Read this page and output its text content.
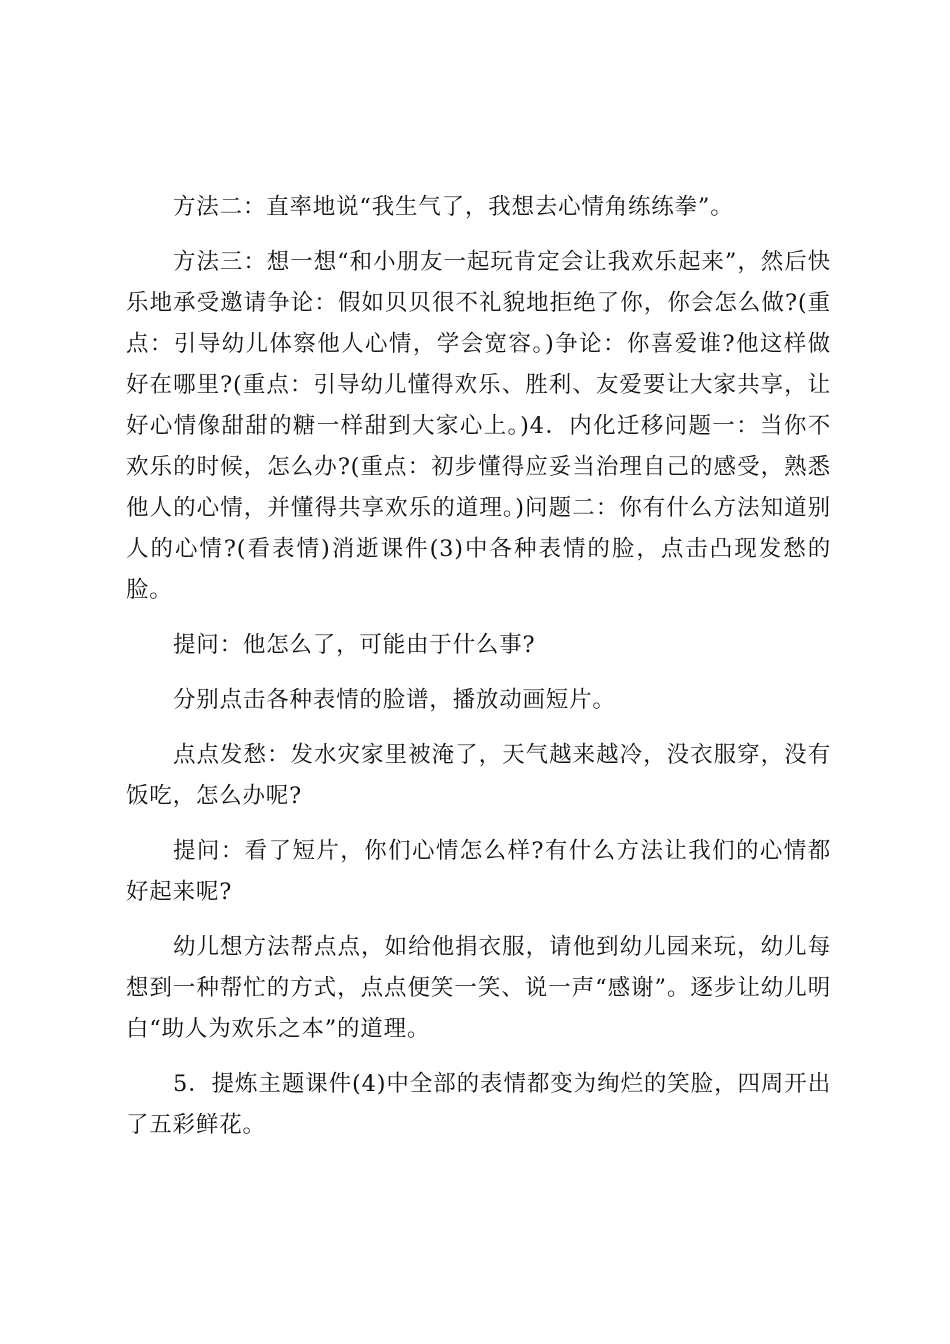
方法二：直率地说“我生气了，我想去心情角练练拳”。

方法三：想一想“和小朋友一起玩肯定会让我欢乐起来”，然后快乐地承受邀请争论：假如贝贝很不礼貌地拒绝了你，你会怎么做?(重点：引导幼儿体察他人心情，学会宽容。)争论：你喜爱谁?他这样做好在哪里?(重点：引导幼儿懂得欢乐、胜利、友爱要让大家共享，让好心情像甜甜的糖一样甜到大家心上。)4．内化迁移问题一：当你不欢乐的时候，怎么办?(重点：初步懂得应妥当治理自己的感受，熟悉他人的心情，并懂得共享欢乐的道理。)问题二：你有什么方法知道别人的心情?(看表情)消逝课件(3)中各种表情的脸，点击凸现发愁的脸。

提问：他怎么了，可能由于什么事?

分别点击各种表情的脸谱，播放动画短片。

点点发愁：发水灾家里被淹了，天气越来越冷，没衣服穿，没有饭吃，怎么办呢?

提问：看了短片，你们心情怎么样?有什么方法让我们的心情都好起来呢?

幼儿想方法帮点点，如给他捐衣服，请他到幼儿园来玩，幼儿每想到一种帮忙的方式，点点便笑一笑、说一声“感谢”。逐步让幼儿明白“助人为欢乐之本”的道理。

5．提炼主题课件(4)中全部的表情都变为绚烂的笑脸，四周开出了五彩鲜花。
